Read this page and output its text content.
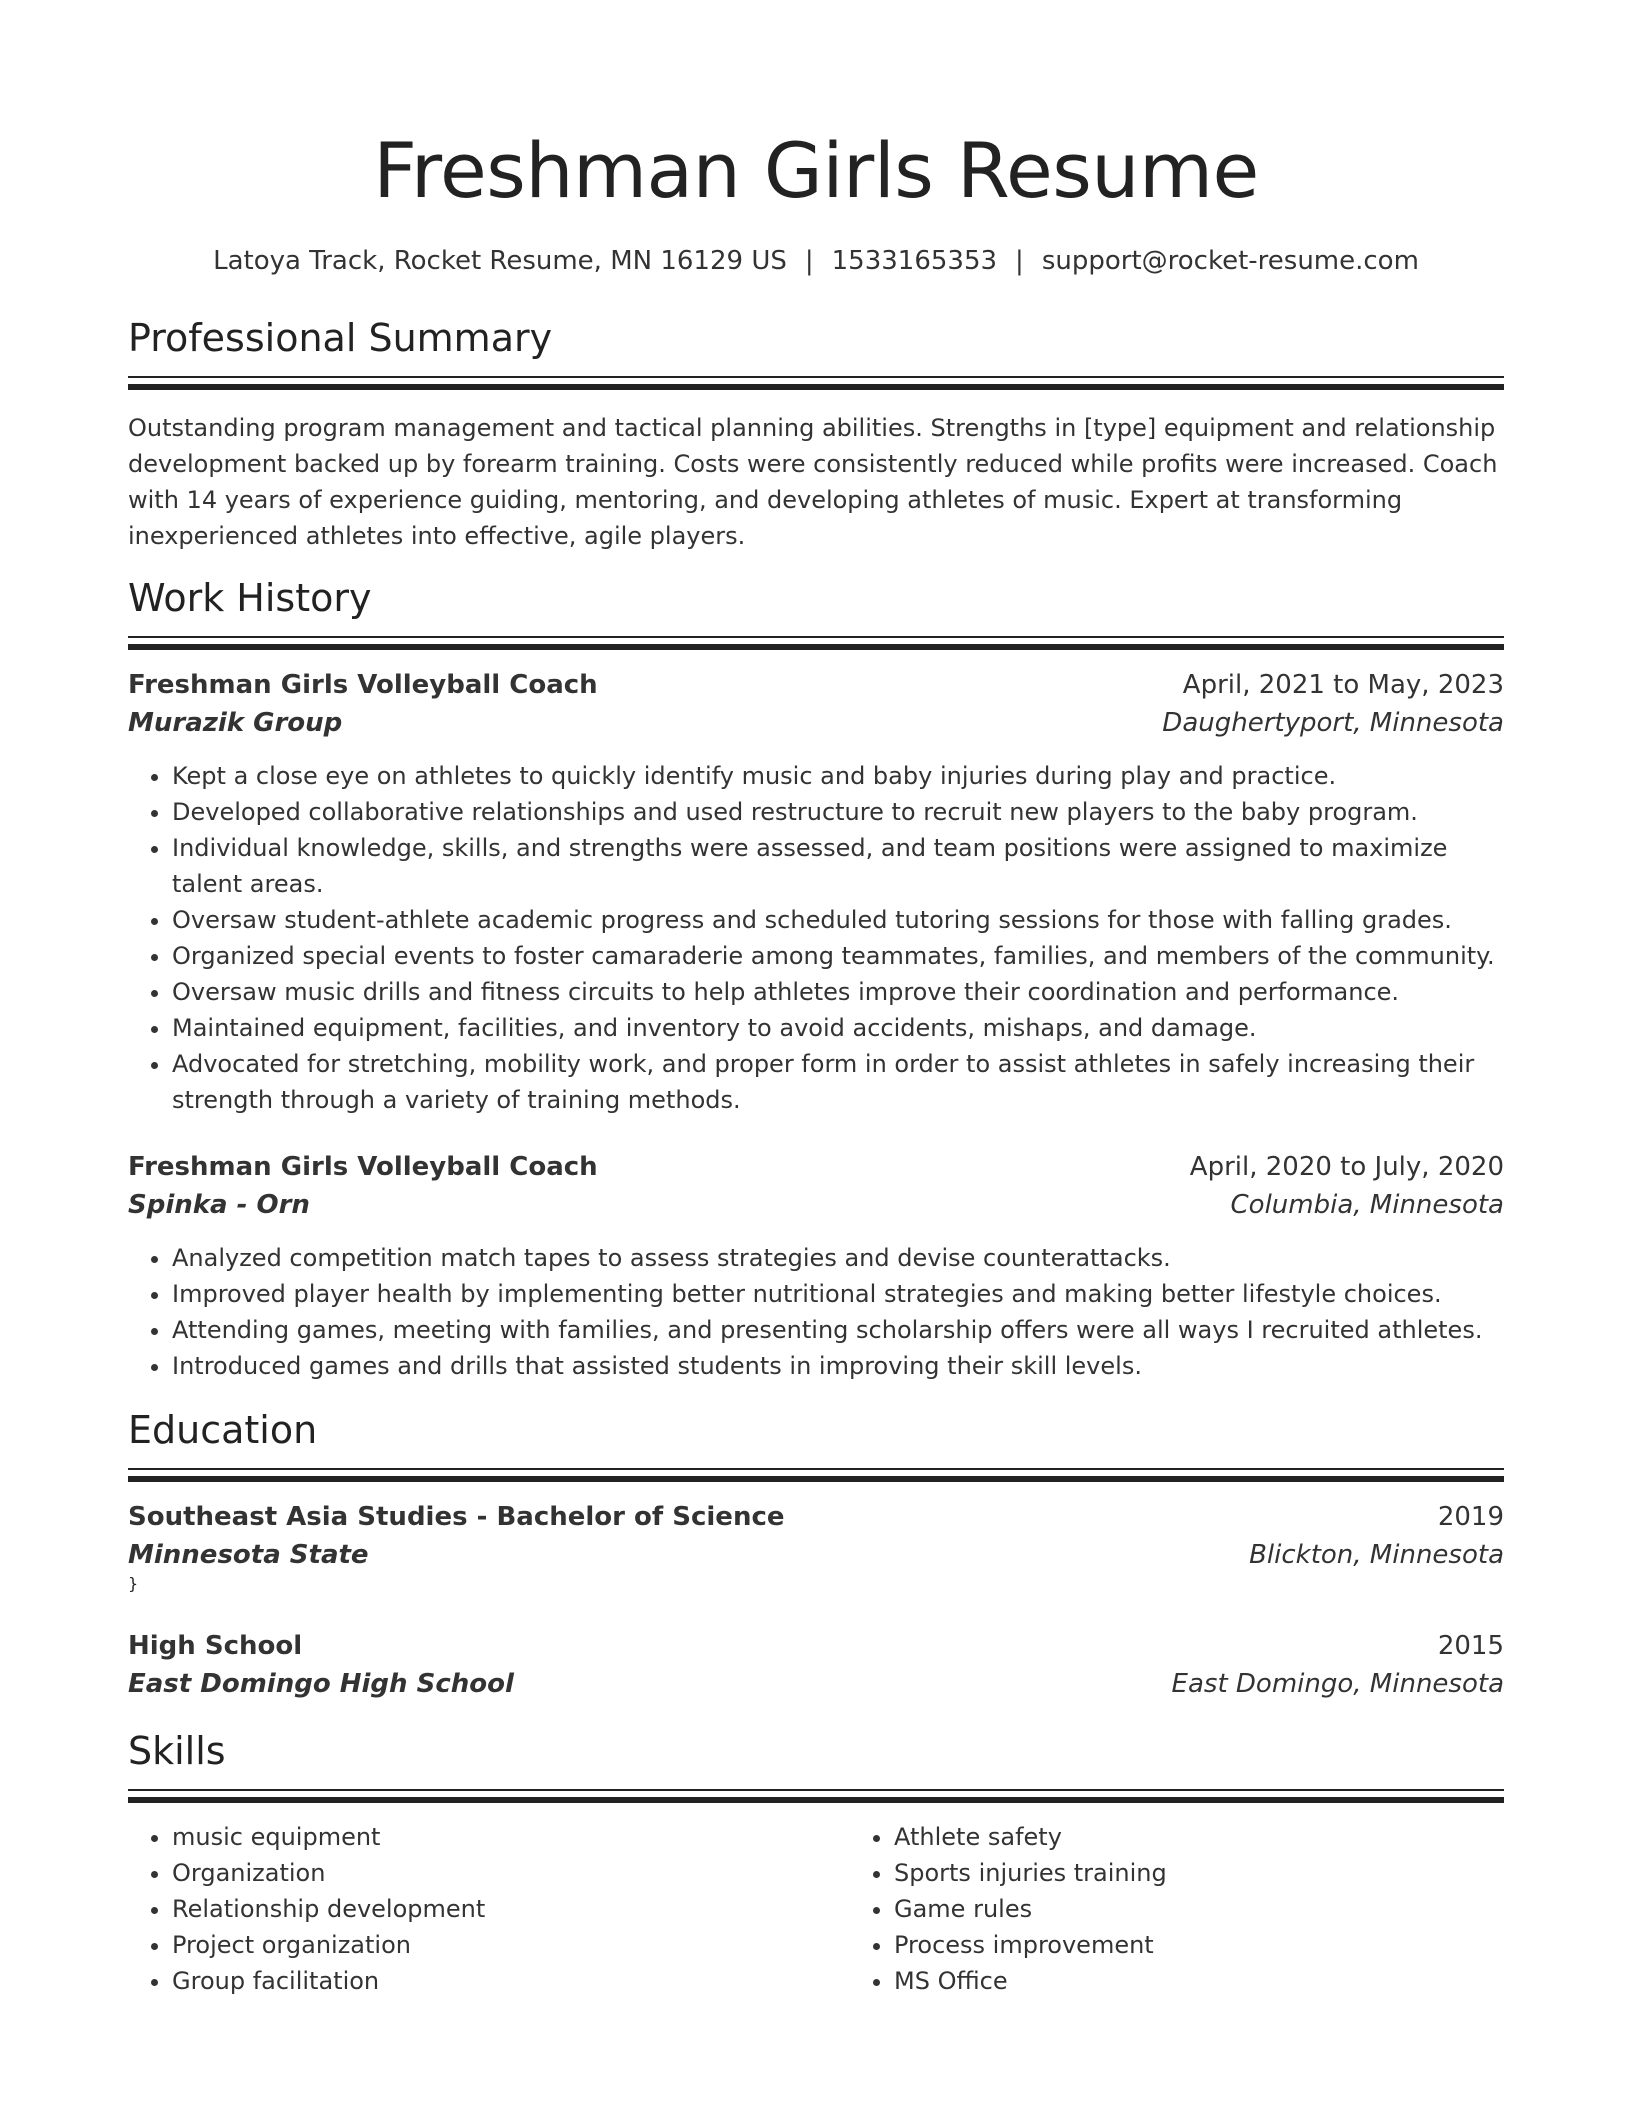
Freshman Girls Resume
Latoya Track, Rocket Resume, MN 16129 US | 1533165353 | support@rocket-resume.com
Professional Summary

Outstanding program management and tactical planning abilities. Strengths in [type] equipment and relationship development backed up by forearm training. Costs were consistently reduced while profits were increased. Coach with 14 years of experience guiding, mentoring, and developing athletes of music. Expert at transforming inexperienced athletes into effective, agile players.

Work History
Freshman Girls Volleyball Coach	April, 2021 to May, 2023
Murazik Group	Daughertyport, Minnesota
• Kept a close eye on athletes to quickly identify music and baby injuries during play and practice.
• Developed collaborative relationships and used restructure to recruit new players to the baby program.
• Individual knowledge, skills, and strengths were assessed, and team positions were assigned to maximize talent areas.
• Oversaw student-athlete academic progress and scheduled tutoring sessions for those with falling grades.
• Organized special events to foster camaraderie among teammates, families, and members of the community.
• Oversaw music drills and fitness circuits to help athletes improve their coordination and performance.
• Maintained equipment, facilities, and inventory to avoid accidents, mishaps, and damage.
• Advocated for stretching, mobility work, and proper form in order to assist athletes in safely increasing their strength through a variety of training methods.
Freshman Girls Volleyball Coach	April, 2020 to July, 2020
Spinka - Orn	Columbia, Minnesota
• Analyzed competition match tapes to assess strategies and devise counterattacks.
• Improved player health by implementing better nutritional strategies and making better lifestyle choices.
• Attending games, meeting with families, and presenting scholarship offers were all ways I recruited athletes.
• Introduced games and drills that assisted students in improving their skill levels.
Education
Southeast Asia Studies - Bachelor of Science	2019
Minnesota State	Blickton, Minnesota
}
High School	2015
East Domingo High School	East Domingo, Minnesota
Skills
• music equipment
• Organization
• Relationship development
• Project organization
• Group facilitation
• Athlete safety
• Sports injuries training
• Game rules
• Process improvement
• MS Office
